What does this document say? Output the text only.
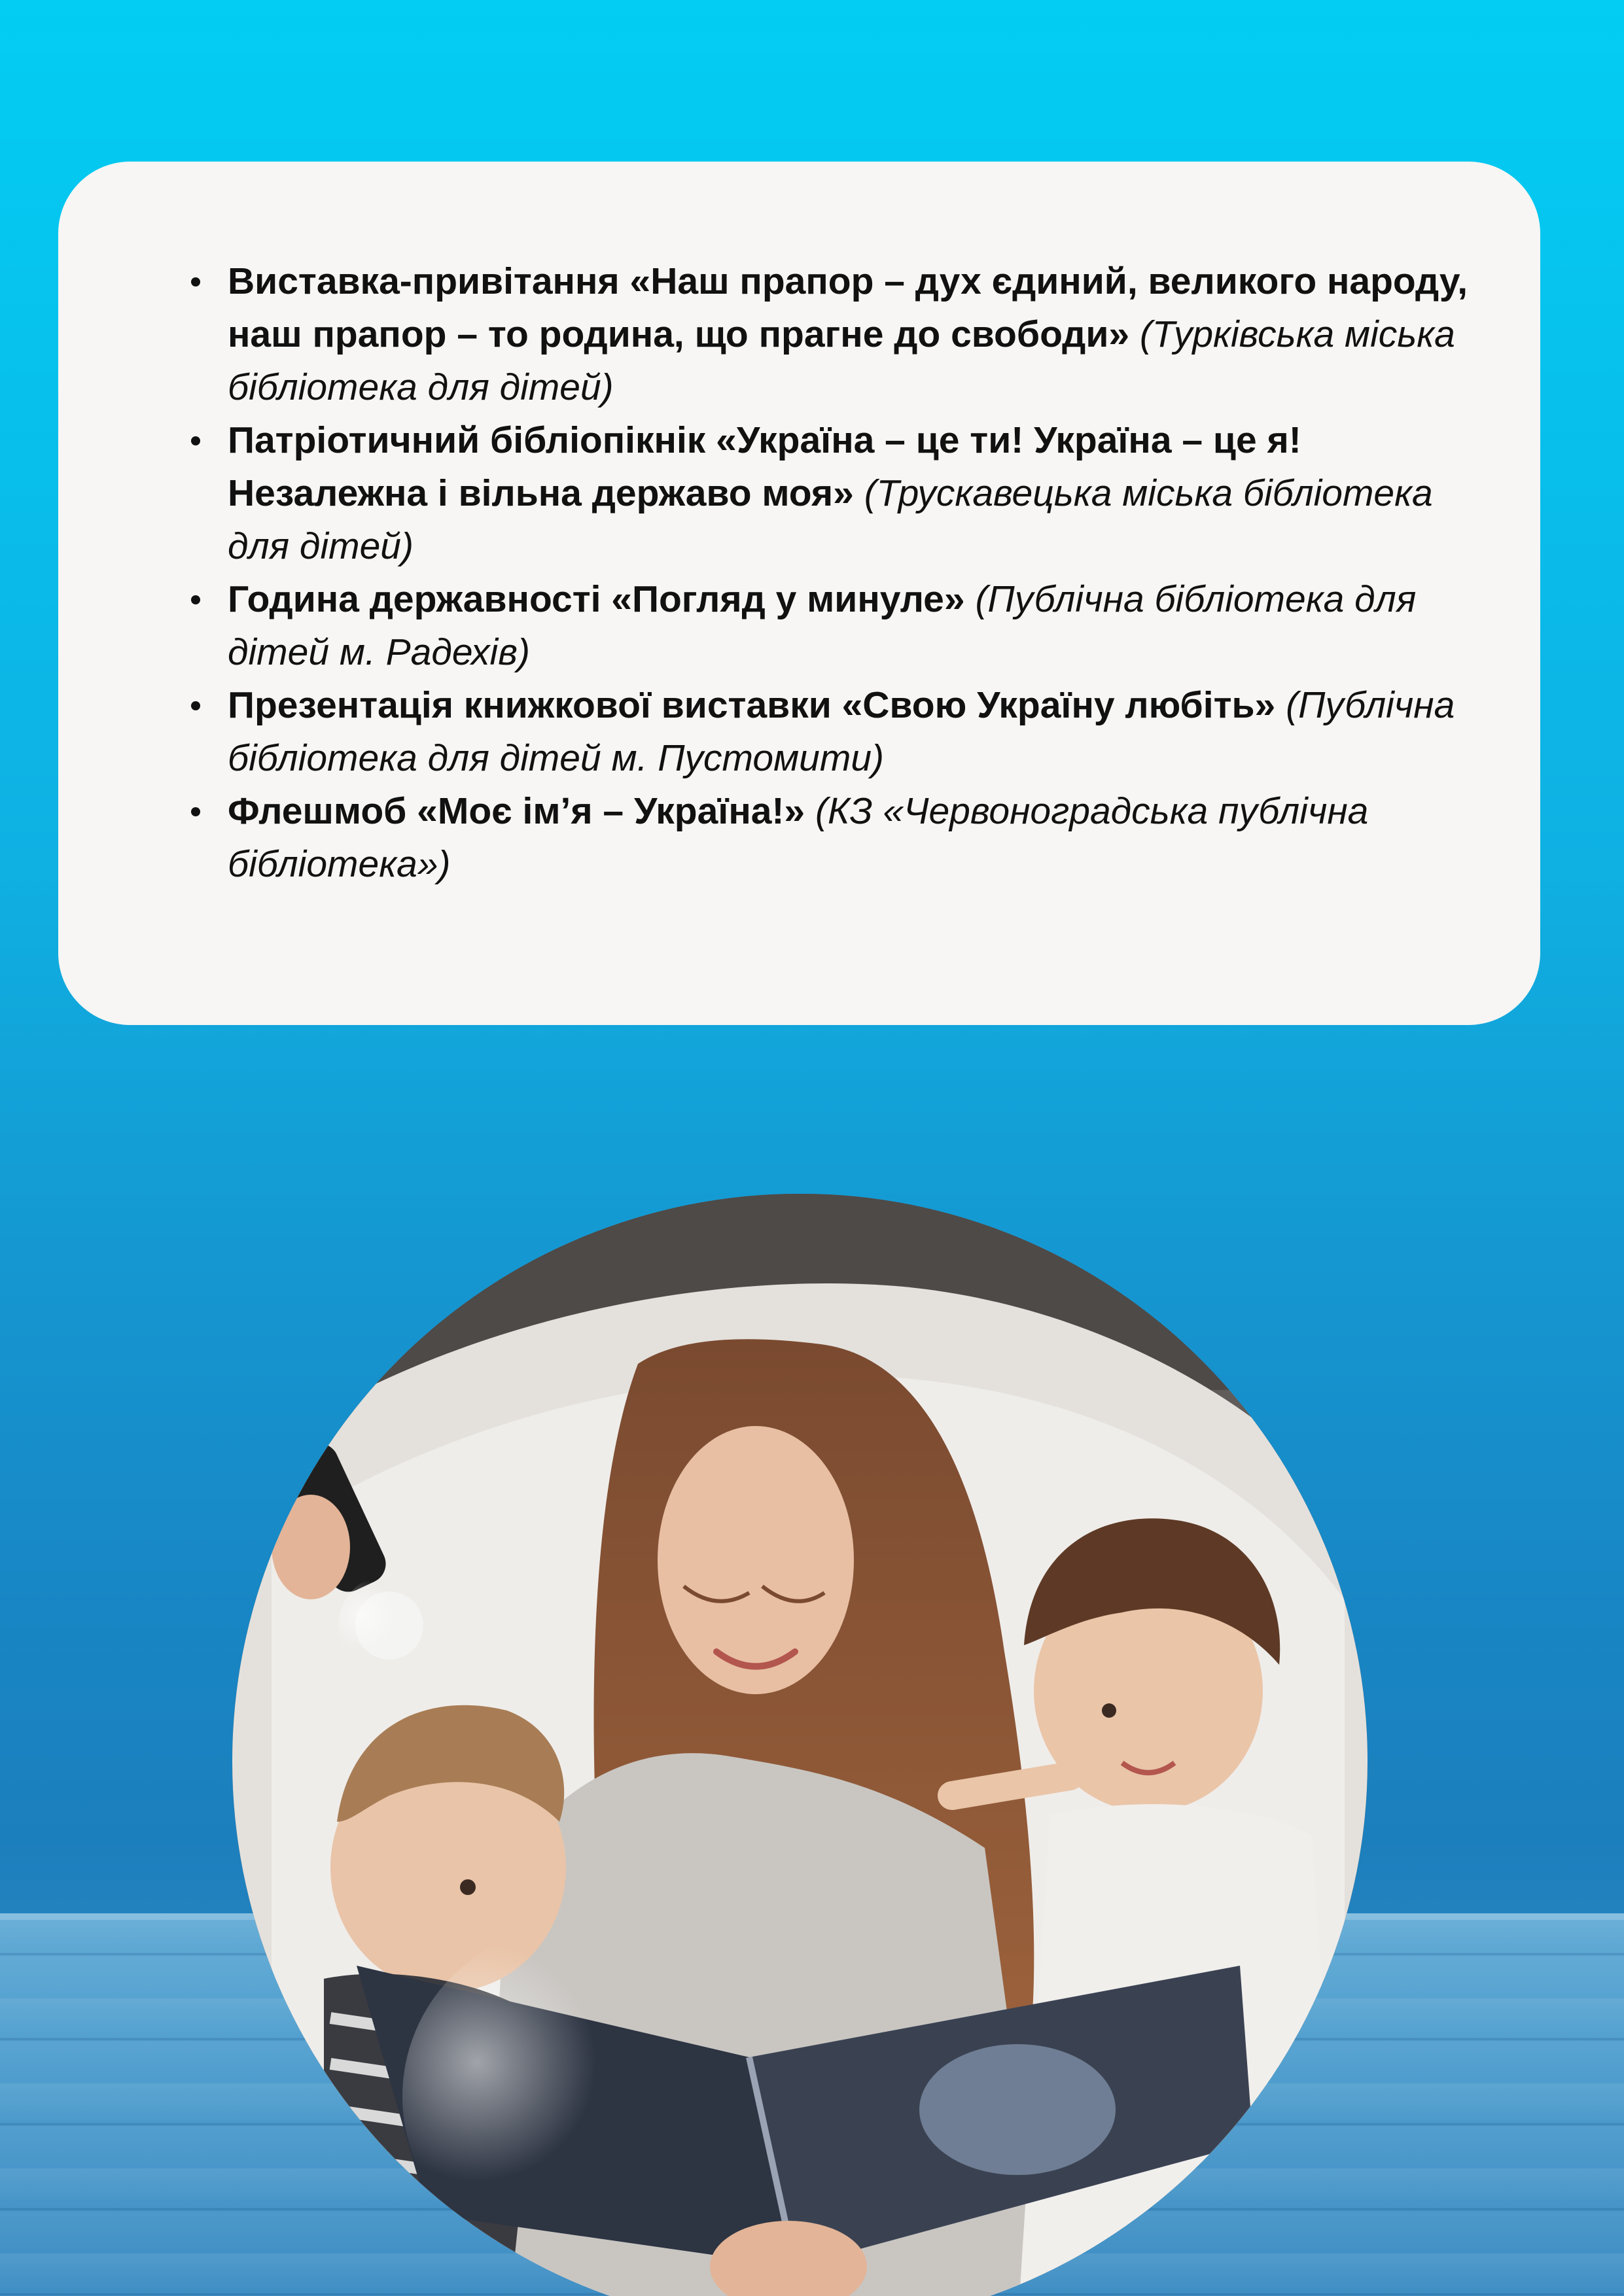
Виставка-привітання «Наш прапор – дух єдиний, великого народу, наш прапор – то родина, що прагне до свободи» (Турківська міська бібліотека для дітей)
Патріотичний бібліопікнік «Україна – це ти! Україна – це я! Незалежна і вільна державо моя» (Трускавецька міська бібліотека для дітей)
Година державності «Погляд у минуле» (Публічна бібліотека для дітей м. Радехів)
Презентація книжкової виставки «Свою Україну любіть» (Публічна бібліотека для дітей м. Пустомити)
Флешмоб «Моє ім’я – Україна!» (КЗ «Червоноградська публічна бібліотека»)
